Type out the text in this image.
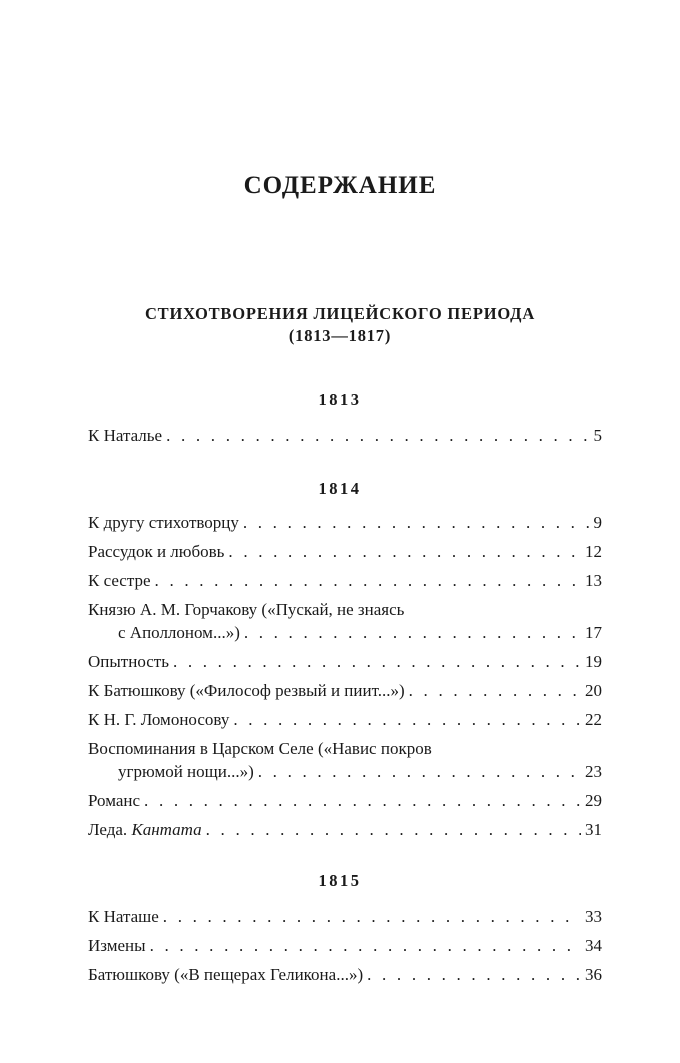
СОДЕРЖАНИЕ
СТИХОТВОРЕНИЯ ЛИЦЕЙСКОГО ПЕРИОДА
(1813—1817)
1813
К Наталье . . .	5
1814
К другу стихотворцу . . .	9
Рассудок и любовь . . .	12
К сестре . . .	13
Князю А. М. Горчакову («Пускай, не знаясь
с Аполлоном...») . . .	17
Опытность . . .	19
К Батюшкову («Философ резвый и пиит...») . . .	20
К Н. Г. Ломоносову . . .	22
Воспоминания в Царском Селе («Навис покров
угрюмой нощи...») . . .	23
Романс . . .	29
Леда. Кантата . . .	31
1815
К Наташе . . .	33
Измены . . .	34
Батюшкову («В пещерах Геликона...») . . .	36
